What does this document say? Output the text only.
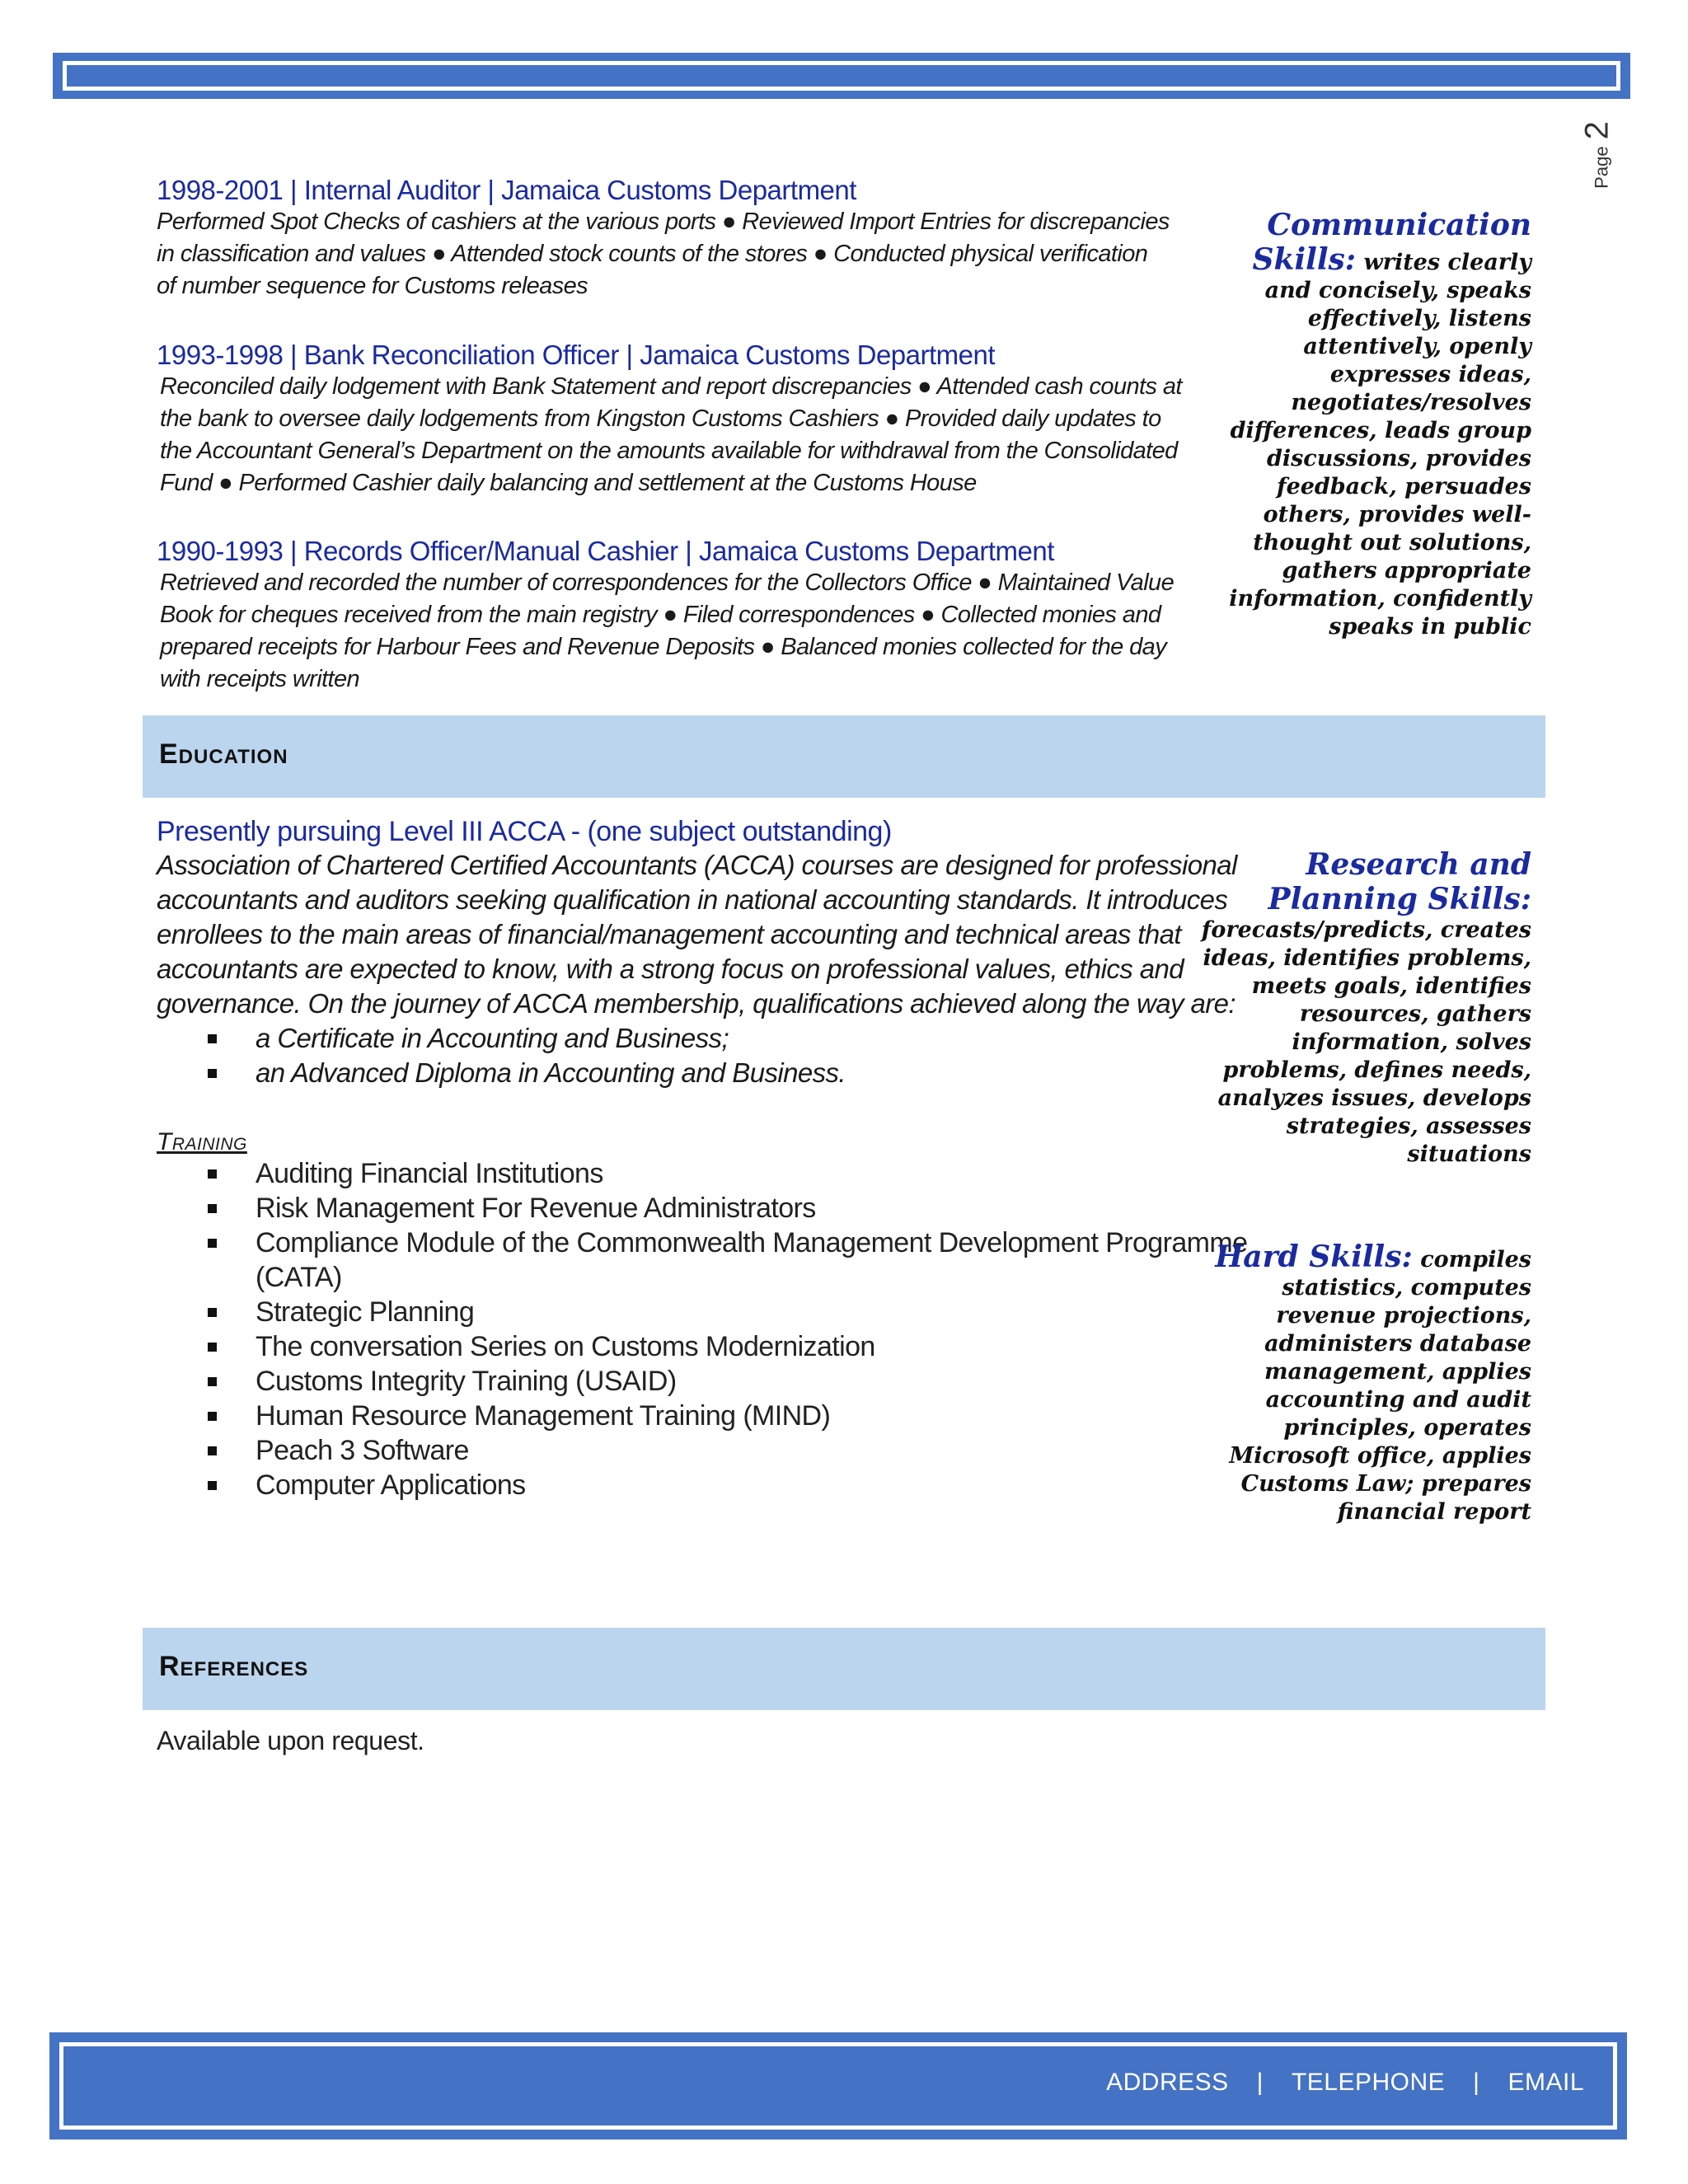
Page2
1998-2001 | Internal Auditor | Jamaica Customs Department
Performed Spot Checks of cashiers at the various ports ● Reviewed Import Entries for discrepancies
in classification and values ● Attended stock counts of the stores ● Conducted physical verification
of number sequence for Customs releases
1993-1998 | Bank Reconciliation Officer | Jamaica Customs Department
Reconciled daily lodgement with Bank Statement and report discrepancies ● Attended cash counts at
the bank to oversee daily lodgements from Kingston Customs Cashiers ● Provided daily updates to
the Accountant General’s Department on the amounts available for withdrawal from the Consolidated
Fund ● Performed Cashier daily balancing and settlement at the Customs House
1990-1993 | Records Officer/Manual Cashier | Jamaica Customs Department
Retrieved and recorded the number of correspondences for the Collectors Office ● Maintained Value
Book for cheques received from the main registry ● Filed correspondences ● Collected monies and
prepared receipts for Harbour Fees and Revenue Deposits ● Balanced monies collected for the day
with receipts written
Communication
Skills: writes clearly
and concisely, speaks
effectively, listens
attentively, openly
expresses ideas,
negotiates/resolves
differences, leads group
discussions, provides
feedback, persuades
others, provides well-
thought out solutions,
gathers appropriate
information, confidently
speaks in public
Education
Presently pursuing Level III ACCA - (one subject outstanding)
Association of Chartered Certified Accountants (ACCA) courses are designed for professional
accountants and auditors seeking qualification in national accounting standards. It introduces
enrollees to the main areas of financial/management accounting and technical areas that
accountants are expected to know, with a strong focus on professional values, ethics and
governance. On the journey of ACCA membership, qualifications achieved along the way are:
a Certificate in Accounting and Business;
an Advanced Diploma in Accounting and Business.
Training
Auditing Financial Institutions
Risk Management For Revenue Administrators
Compliance Module of the Commonwealth Management Development Programme
(CATA)
Strategic Planning
The conversation Series on Customs Modernization
Customs Integrity Training (USAID)
Human Resource Management Training (MIND)
Peach 3 Software
Computer Applications
Research and
Planning Skills:
forecasts/predicts, creates
ideas, identifies problems,
meets goals, identifies
resources, gathers
information, solves
problems, defines needs,
analyzes issues, develops
strategies, assesses
situations
Hard Skills: compiles
statistics, computes
revenue projections,
administers database
management, applies
accounting and audit
principles, operates
Microsoft office, applies
Customs Law; prepares
financial report
References
Available upon request.
ADDRESS | TELEPHONE | EMAIL
